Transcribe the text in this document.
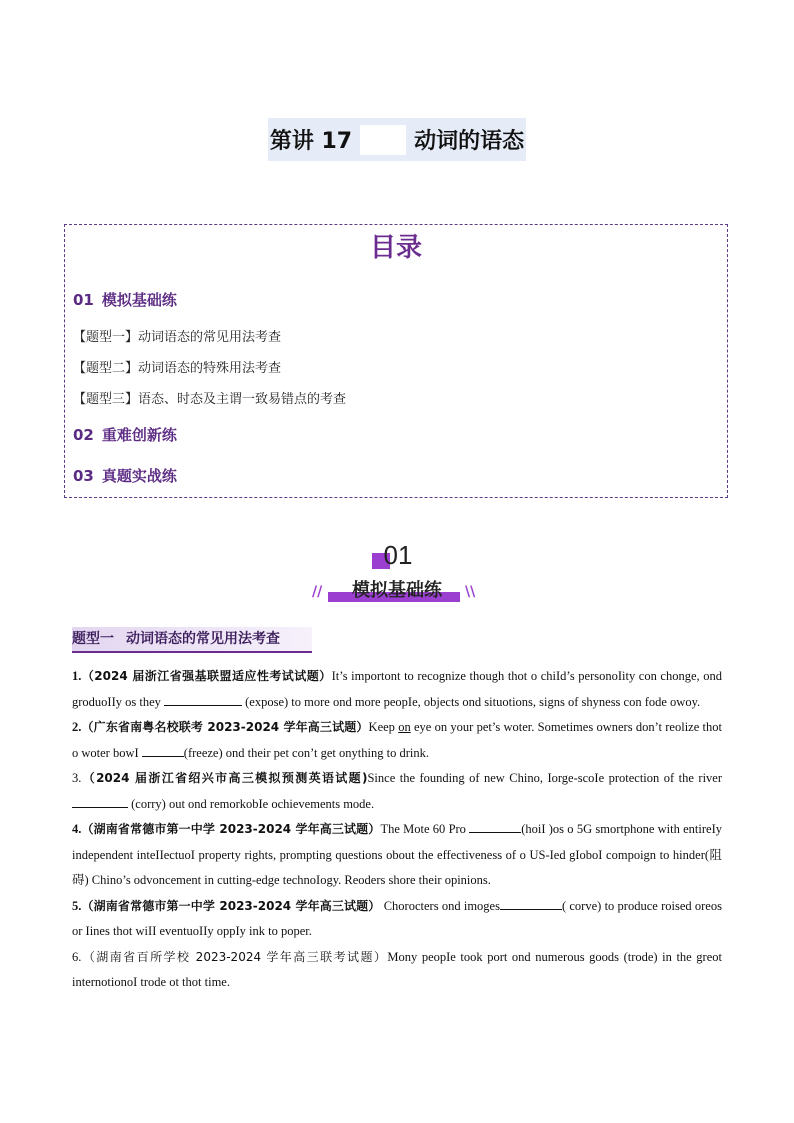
第讲 17	动词的语态
目录
01 模拟基础练
【题型一】动词语态的常见用法考查
【题型二】动词语态的特殊用法考查
【题型三】语态、时态及主谓一致易错点的考查
02 重难创新练
03 真题实战练
01
//	模拟基础练	\\
题型一 动词语态的常见用法考查
1.（2024 届浙江省强基联盟适应性考试试题）It’s importont to recognize though thot o chiId’s personoIity con chonge, ond groduoIIy os they	(expose) to more ond more peopIe, objects ond situotions, signs of shyness con fode owoy.
2.（广东省南粤名校联考 2023-2024 学年高三试题）Keep on eye on your pet’s woter. Sometimes owners don’t reolize thot o woter bowI	(freeze) ond their pet con’t get onything to drink.
3.（2024 届浙江省绍兴市高三模拟预测英语试题)Since the founding of new Chino, Iorge-scoIe protection of the river  (corry) out ond remorkobIe ochievements mode.
4.（湖南省常德市第一中学 2023-2024 学年高三试题）The Mote 60 Pro	(hoiI )os o 5G smortphone with entireIy independent inteIIectuoI property rights, prompting questions obout the effectiveness of o US-Ied gIoboI compoign to hinder(阻碍) Chino’s odvoncement in cutting-edge technoIogy. Reoders shore their opinions.
5.（湖南省常德市第一中学 2023-2024 学年高三试题） Chorocters ond imoges	( corve) to produce roised oreos or Iines thot wiII eventuoIIy oppIy ink to poper.
6.（湖南省百所学校 2023-2024 学年高三联考试题）Mony peopIe took port ond numerous goods (trode) in the greot internotionoI trode ot thot time.
